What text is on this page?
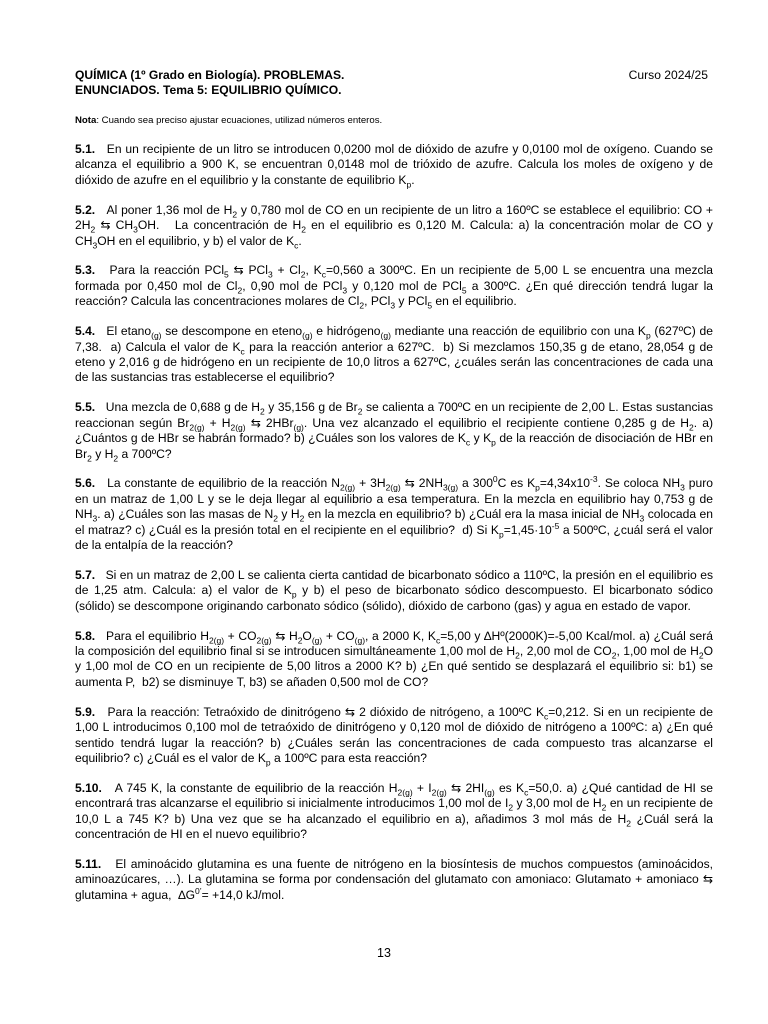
QUÍMICA (1º Grado en Biología). PROBLEMAS.	Curso 2024/25
ENUNCIADOS. Tema 5: EQUILIBRIO QUÍMICO.
Nota: Cuando sea preciso ajustar ecuaciones, utilizad números enteros.
5.1. En un recipiente de un litro se introducen 0,0200 mol de dióxido de azufre y 0,0100 mol de oxígeno. Cuando se alcanza el equilibrio a 900 K, se encuentran 0,0148 mol de trióxido de azufre. Calcula los moles de oxígeno y de dióxido de azufre en el equilibrio y la constante de equilibrio $K_p$.
5.2. Al poner 1,36 mol de $H_2$ y 0,780 mol de CO en un recipiente de un litro a 160ºC se establece el equilibrio: CO + $2H_2$ ⇆ $CH_3OH$.   La concentración de $H_2$ en el equilibrio es 0,120 M. Calcula: a) la concentración molar de CO y $CH_3OH$ en el equilibrio, y b) el valor de $K_c$.
5.3. Para la reacción PCl$_5$ ⇆ $PCl_3 + Cl_2$, $K_c=0,560$ a 300ºC. En un recipiente de 5,00 L se encuentra una mezcla formada por 0,450 mol de $Cl_2$, 0,90 mol de PCl$_3$ y 0,120 mol de PCl$_5$ a 300ºC. ¿En qué dirección tendrá lugar la reacción? Calcula las concentraciones molares de $Cl_2$, PCl$_3$ y PCl$_5$ en el equilibrio.
5.4. El etano$_{(g)}$ se descompone en eteno$_{(g)}$ e hidrógeno$_{(g)}$ mediante una reacción de equilibrio con una $K_p$ (627ºC) de 7,38.  a) Calcula el valor de $K_c$ para la reacción anterior a 627ºC.  b) Si mezclamos 150,35 g de etano, 28,054 g de eteno y 2,016 g de hidrógeno en un recipiente de 10,0 litros a 627ºC, ¿cuáles serán las concentraciones de cada una de las sustancias tras establecerse el equilibrio?
5.5. Una mezcla de 0,688 g de $H_2$ y 35,156 g de $Br_2$ se calienta a 700ºC en un recipiente de 2,00 L. Estas sustancias reaccionan según $Br_{2(g)} + H_{2(g)}$ ⇆ 2HBr$_{(g)}$. Una vez alcanzado el equilibrio el recipiente contiene 0,285 g de $H_2$. a) ¿Cuántos g de HBr se habrán formado? b) ¿Cuáles son los valores de $K_c$ y $K_p$ de la reacción de disociación de HBr en $Br_2$ y $H_2$ a 700ºC?
5.6. La constante de equilibrio de la reacción $N_{2(g)} + 3H_{2(g)}$ ⇆ $2NH_{3(g)}$ a $300^0C$ es $K_p=4,34x10^{-3}$. Se coloca $NH_3$ puro en un matraz de 1,00 L y se le deja llegar al equilibrio a esa temperatura. En la mezcla en equilibrio hay 0,753 g de $NH_3$. a) ¿Cuáles son las masas de $N_2$ y $H_2$ en la mezcla en equilibrio? b) ¿Cuál era la masa inicial de $NH_3$ colocada en el matraz? c) ¿Cuál es la presión total en el recipiente en el equilibrio?  d) Si $K_p=1,45\cdot 10^{-5}$ a 500ºC, ¿cuál será el valor de la entalpía de la reacción?
5.7. Si en un matraz de 2,00 L se calienta cierta cantidad de bicarbonato sódico a 110ºC, la presión en el equilibrio es de 1,25 atm. Calcula: a) el valor de $K_p$ y b) el peso de bicarbonato sódico descompuesto. El bicarbonato sódico (sólido) se descompone originando carbonato sódico (sólido), dióxido de carbono (gas) y agua en estado de vapor.
5.8. Para el equilibrio $H_{2(g)} + CO_{2(g)}$ ⇆ $H_2O_{(g)} + CO_{(g)}$, a 2000 K, $K_c=5,00$ y ∆Hº(2000K)=-5,00 Kcal/mol. a) ¿Cuál será la composición del equilibrio final si se introducen simultáneamente 1,00 mol de $H_2$, 2,00 mol de $CO_2$, 1,00 mol de $H_2O$ y 1,00 mol de CO en un recipiente de 5,00 litros a 2000 K? b) ¿En qué sentido se desplazará el equilibrio si: b1) se aumenta P,  b2) se disminuye T, b3) se añaden 0,500 mol de CO?
5.9. Para la reacción: Tetraóxido de dinitrógeno ⇆ 2 dióxido de nitrógeno, a 100ºC $K_c=0,212$. Si en un recipiente de 1,00 L introducimos 0,100 mol de tetraóxido de dinitrógeno y 0,120 mol de dióxido de nitrógeno a 100ºC: a) ¿En qué sentido tendrá lugar la reacción? b) ¿Cuáles serán las concentraciones de cada compuesto tras alcanzarse el equilibrio? c) ¿Cuál es el valor de $K_p$ a 100ºC para esta reacción?
5.10. A 745 K, la constante de equilibrio de la reacción $H_{2(g)} + I_{2(g)}$ ⇆ $2HI_{(g)}$ es $K_c=50,0$. a) ¿Qué cantidad de HI se encontrará tras alcanzarse el equilibrio si inicialmente introducimos 1,00 mol de $I_2$ y 3,00 mol de $H_2$ en un recipiente de 10,0 L a 745 K? b) Una vez que se ha alcanzado el equilibrio en a), añadimos 3 mol más de $H_2$ ¿Cuál será la concentración de HI en el nuevo equilibrio?
5.11. El aminoácido glutamina es una fuente de nitrógeno en la biosíntesis de muchos compuestos (aminoácidos, aminoazúcares, …). La glutamina se forma por condensación del glutamato con amoniaco: Glutamato + amoniaco ⇆ glutamina + agua,  $\Delta G^{0’}= +14,0$ kJ/mol.
13
